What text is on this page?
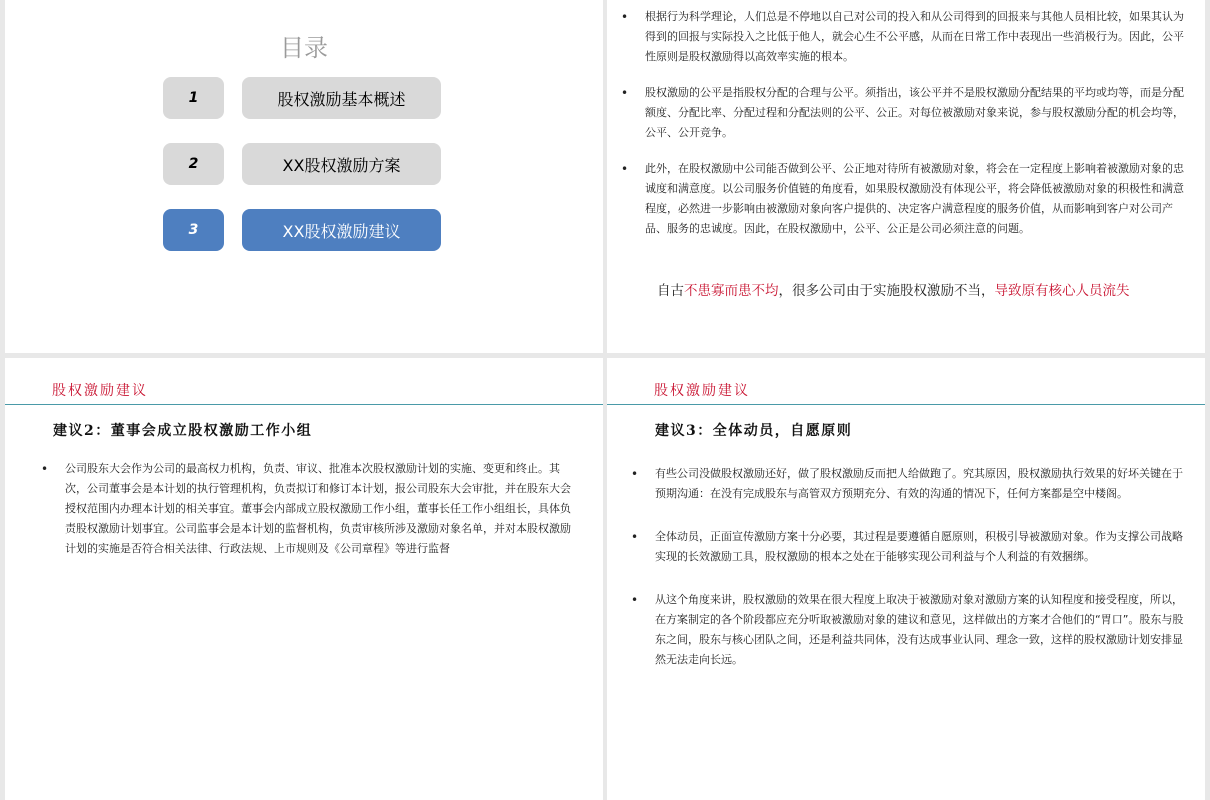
目录
1	股权激励基本概述
2	XX股权激励方案
3	XX股权激励建议
• 根据行为科学理论，人们总是不停地以自己对公司的投入和从公司得到的回报来与其他人员相比较，如果其认为得到的回报与实际投入之比低于他人，就会心生不公平感，从而在日常工作中表现出一些消极行为。因此，公平性原则是股权激励得以高效率实施的根本。
• 股权激励的公平是指股权分配的合理与公平。须指出，该公平并不是股权激励分配结果的平均或均等，而是分配额度、分配比率、分配过程和分配法则的公平、公正。对每位被激励对象来说，参与股权激励分配的机会均等，公平、公开竞争。
• 此外，在股权激励中公司能否做到公平、公正地对待所有被激励对象，将会在一定程度上影响着被激励对象的忠诚度和满意度。以公司服务价值链的角度看，如果股权激励没有体现公平，将会降低被激励对象的积极性和满意程度，必然进一步影响由被激励对象向客户提供的、决定客户满意程度的服务价值，从而影响到客户对公司产品、服务的忠诚度。因此，在股权激励中，公平、公正是公司必须注意的问题。
自古不患寡而患不均，很多公司由于实施股权激励不当，导致原有核心人员流失
股权激励建议
建议2：董事会成立股权激励工作小组
• 公司股东大会作为公司的最高权力机构，负责、审议、批准本次股权激励计划的实施、变更和终止。其次，公司董事会是本计划的执行管理机构，负责拟订和修订本计划，报公司股东大会审批，并在股东大会授权范围内办理本计划的相关事宜。董事会内部成立股权激励工作小组，董事长任工作小组组长，具体负责股权激励计划事宜。公司监事会是本计划的监督机构，负责审核所涉及激励对象名单，并对本股权激励计划的实施是否符合相关法律、行政法规、上市规则及《公司章程》等进行监督
股权激励建议
建议3：全体动员，自愿原则
• 有些公司没做股权激励还好，做了股权激励反而把人给做跑了。究其原因，股权激励执行效果的好坏关键在于预期沟通：在没有完成股东与高管双方预期充分、有效的沟通的情况下，任何方案都是空中楼阁。
• 全体动员，正面宣传激励方案十分必要，其过程是要遵循自愿原则，积极引导被激励对象。作为支撑公司战略实现的长效激励工具，股权激励的根本之处在于能够实现公司利益与个人利益的有效捆绑。
• 从这个角度来讲，股权激励的效果在很大程度上取决于被激励对象对激励方案的认知程度和接受程度，所以，在方案制定的各个阶段都应充分听取被激励对象的建议和意见，这样做出的方案才合他们的“胃口”。股东与股东之间，股东与核心团队之间，还是利益共同体，没有达成事业认同、理念一致，这样的股权激励计划安排显然无法走向长远。
